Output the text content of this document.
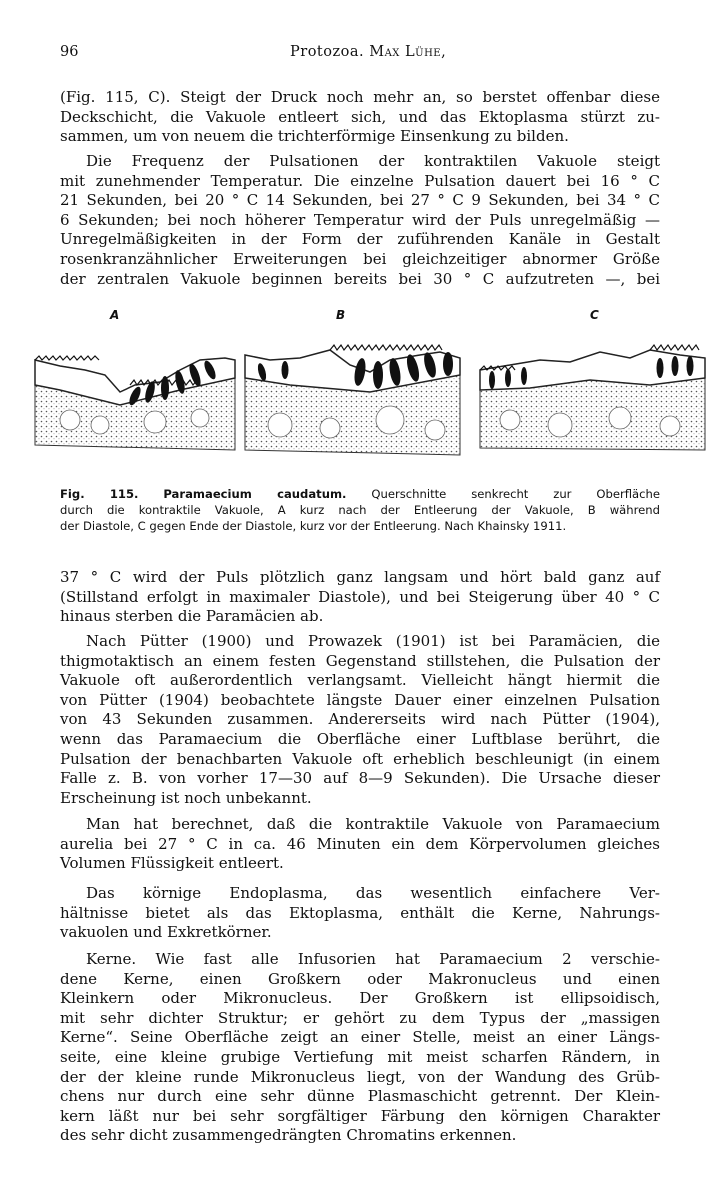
96	Protozoa. Max Lühe,
(Fig. 115, C). Steigt der Druck noch mehr an, so berstet offenbar diese
Deckschicht, die Vakuole entleert sich, und das Ektoplasma stürzt zu-
sammen, um von neuem die trichterförmige Einsenkung zu bilden.
Die Frequenz der Pulsationen der kontraktilen Vakuole steigt
mit zunehmender Temperatur. Die einzelne Pulsation dauert bei 16 ° C
21 Sekunden, bei 20 ° C 14 Sekunden, bei 27 ° C 9 Sekunden, bei 34 ° C
6 Sekunden; bei noch höherer Temperatur wird der Puls unregelmäßig —
Unregelmäßigkeiten in der Form der zuführenden Kanäle in Gestalt
rosenkranzähnlicher Erweiterungen bei gleichzeitiger abnormer Größe
der zentralen Vakuole beginnen bereits bei 30 ° C aufzutreten —, bei
A	B	C
Fig. 115. Paramaecium caudatum. Querschnitte senkrecht zur Oberfläche
durch die kontraktile Vakuole, A kurz nach der Entleerung der Vakuole, B während
der Diastole, C gegen Ende der Diastole, kurz vor der Entleerung. Nach Khainsky 1911.
37 ° C wird der Puls plötzlich ganz langsam und hört bald ganz auf
(Stillstand erfolgt in maximaler Diastole), und bei Steigerung über 40 ° C
hinaus sterben die Paramäcien ab.
Nach Pütter (1900) und Prowazek (1901) ist bei Paramäcien, die
thigmotaktisch an einem festen Gegenstand stillstehen, die Pulsation der
Vakuole oft außerordentlich verlangsamt. Vielleicht hängt hiermit die
von Pütter (1904) beobachtete längste Dauer einer einzelnen Pulsation
von 43 Sekunden zusammen. Andererseits wird nach Pütter (1904),
wenn das Paramaecium die Oberfläche einer Luftblase berührt, die
Pulsation der benachbarten Vakuole oft erheblich beschleunigt (in einem
Falle z. B. von vorher 17—30 auf 8—9 Sekunden). Die Ursache dieser
Erscheinung ist noch unbekannt.
Man hat berechnet, daß die kontraktile Vakuole von Paramaecium
aurelia bei 27 ° C in ca. 46 Minuten ein dem Körpervolumen gleiches
Volumen Flüssigkeit entleert.
Das körnige Endoplasma, das wesentlich einfachere Ver-
hältnisse bietet als das Ektoplasma, enthält die Kerne, Nahrungs-
vakuolen und Exkretkörner.
Kerne. Wie fast alle Infusorien hat Paramaecium 2 verschie-
dene Kerne, einen Großkern oder Makronucleus und einen
Kleinkern oder Mikronucleus. Der Großkern ist ellipsoidisch,
mit sehr dichter Struktur; er gehört zu dem Typus der „massigen
Kerne“. Seine Oberfläche zeigt an einer Stelle, meist an einer Längs-
seite, eine kleine grubige Vertiefung mit meist scharfen Rändern, in
der der kleine runde Mikronucleus liegt, von der Wandung des Grüb-
chens nur durch eine sehr dünne Plasmaschicht getrennt. Der Klein-
kern läßt nur bei sehr sorgfältiger Färbung den körnigen Charakter
des sehr dicht zusammengedrängten Chromatins erkennen.
